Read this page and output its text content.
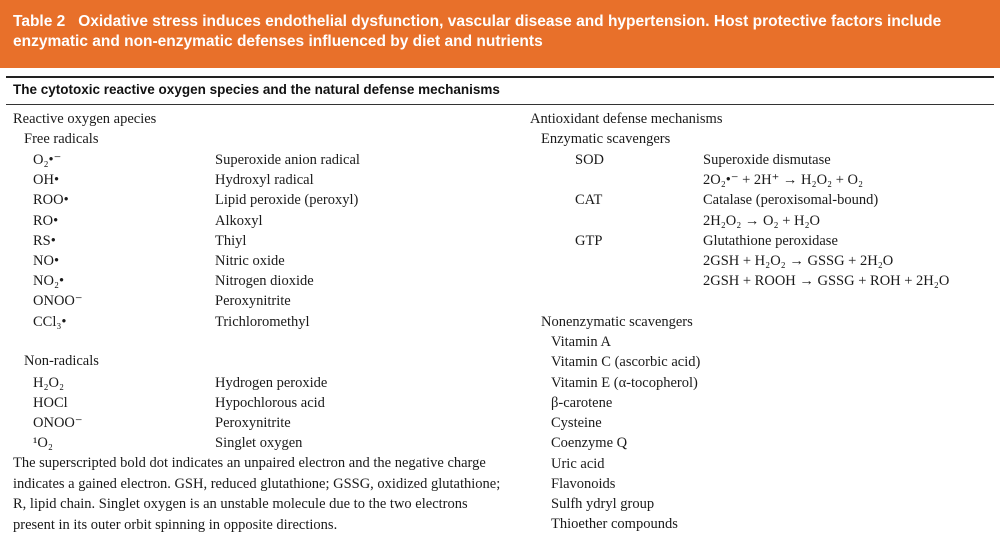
Table 2 Oxidative stress induces endothelial dysfunction, vascular disease and hypertension. Host protective factors include enzymatic and non-enzymatic defenses influenced by diet and nutrients
The cytotoxic reactive oxygen species and the natural defense mechanisms
Reactive oxygen apecies
Free radicals
O₂•⁻	Superoxide anion radical
OH•	Hydroxyl radical
ROO•	Lipid peroxide (peroxyl)
RO•	Alkoxyl
RS•	Thiyl
NO•	Nitric oxide
NO₂•	Nitrogen dioxide
ONOO⁻	Peroxynitrite
CCl₃•	Trichloromethyl
Non-radicals
H₂O₂	Hydrogen peroxide
HOCl	Hypochlorous acid
ONOO⁻	Peroxynitrite
¹O₂	Singlet oxygen
The superscripted bold dot indicates an unpaired electron and the negative charge indicates a gained electron. GSH, reduced glutathione; GSSG, oxidized glutathione; R, lipid chain. Singlet oxygen is an unstable molecule due to the two electrons present in its outer orbit spinning in opposite directions.
Antioxidant defense mechanisms
Enzymatic scavengers
SOD	Superoxide dismutase
2O₂•⁻ + 2H⁺ → H₂O₂ + O₂
CAT	Catalase (peroxisomal-bound)
2H₂O₂ → O₂ + H₂O
GTP	Glutathione peroxidase
2GSH + H₂O₂ → GSSG + 2H₂O
2GSH + ROOH → GSSG + ROH + 2H₂O
Nonenzymatic scavengers
Vitamin A
Vitamin C (ascorbic acid)
Vitamin E (α-tocopherol)
β-carotene
Cysteine
Coenzyme Q
Uric acid
Flavonoids
Sulfh ydryl group
Thioether compounds
